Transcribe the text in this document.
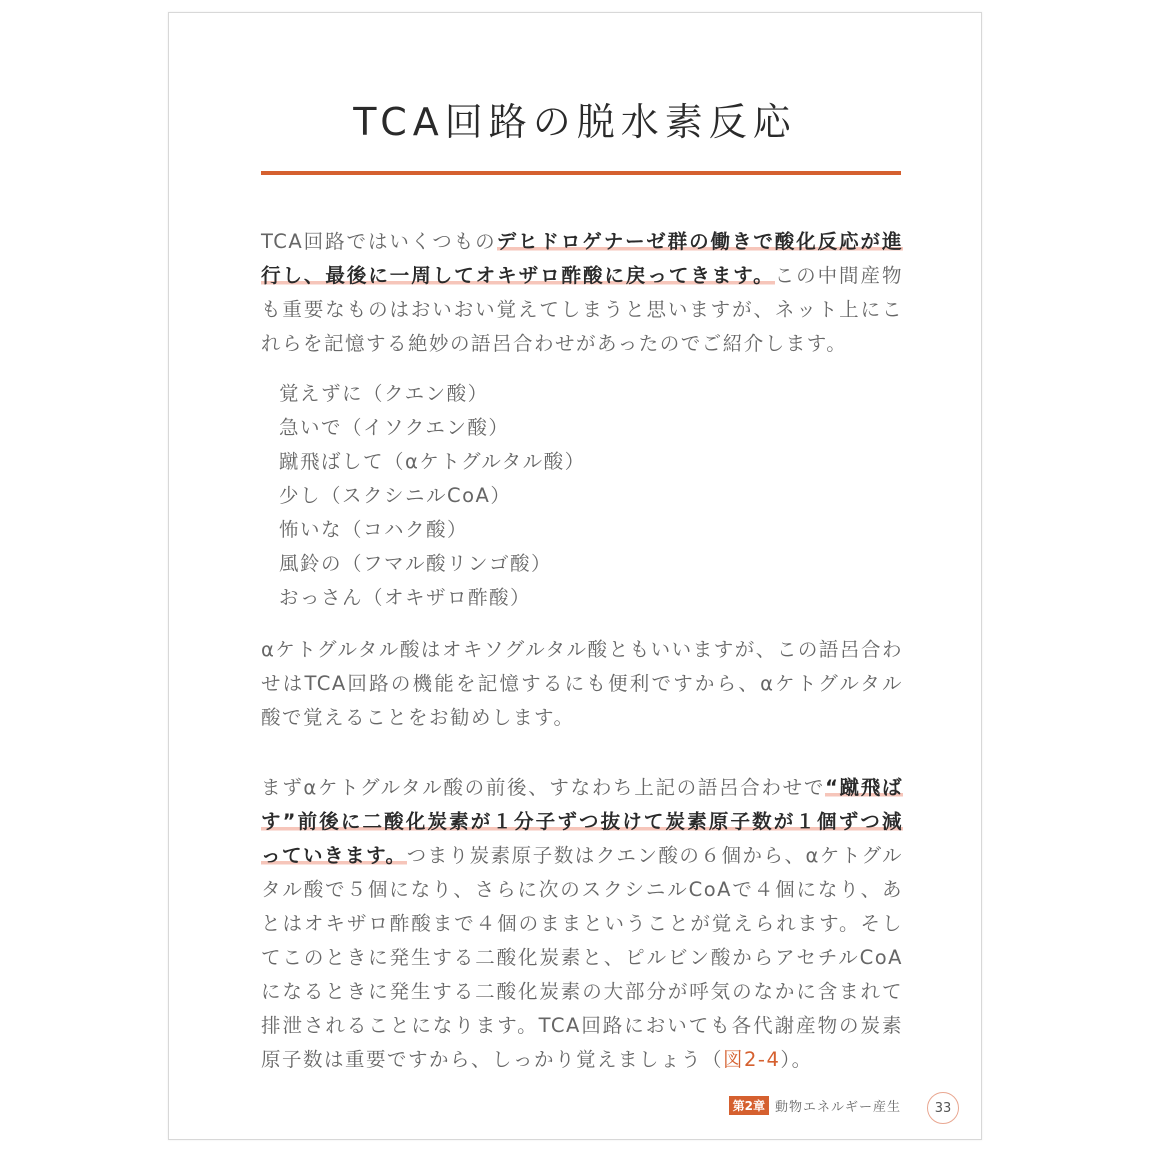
TCA回路の脱水素反応

TCA回路ではいくつものデヒドロゲナーゼ群の働きで酸化反応が進行し、最後に一周してオキザロ酢酸に戻ってきます。この中間産物も重要なものはおいおい覚えてしまうと思いますが、ネット上にこれらを記憶する絶妙の語呂合わせがあったのでご紹介します。

覚えずに（クエン酸）
急いで（イソクエン酸）
蹴飛ばして（αケトグルタル酸）
少し（スクシニルCoA）
怖いな（コハク酸）
風鈴の（フマル酸リンゴ酸）
おっさん（オキザロ酢酸）

αケトグルタル酸はオキソグルタル酸ともいいますが、この語呂合わせはTCA回路の機能を記憶するにも便利ですから、αケトグルタル酸で覚えることをお勧めします。

まずαケトグルタル酸の前後、すなわち上記の語呂合わせで“蹴飛ばす”前後に二酸化炭素が１分子ずつ抜けて炭素原子数が１個ずつ減っていきます。つまり炭素原子数はクエン酸の６個から、αケトグルタル酸で５個になり、さらに次のスクシニルCoAで４個になり、あとはオキザロ酢酸まで４個のままということが覚えられます。そしてこのときに発生する二酸化炭素と、ピルビン酸からアセチルCoAになるときに発生する二酸化炭素の大部分が呼気のなかに含まれて排泄されることになります。TCA回路においても各代謝産物の炭素原子数は重要ですから、しっかり覚えましょう（図2-4）。

第2章 動物エネルギー産生	33
